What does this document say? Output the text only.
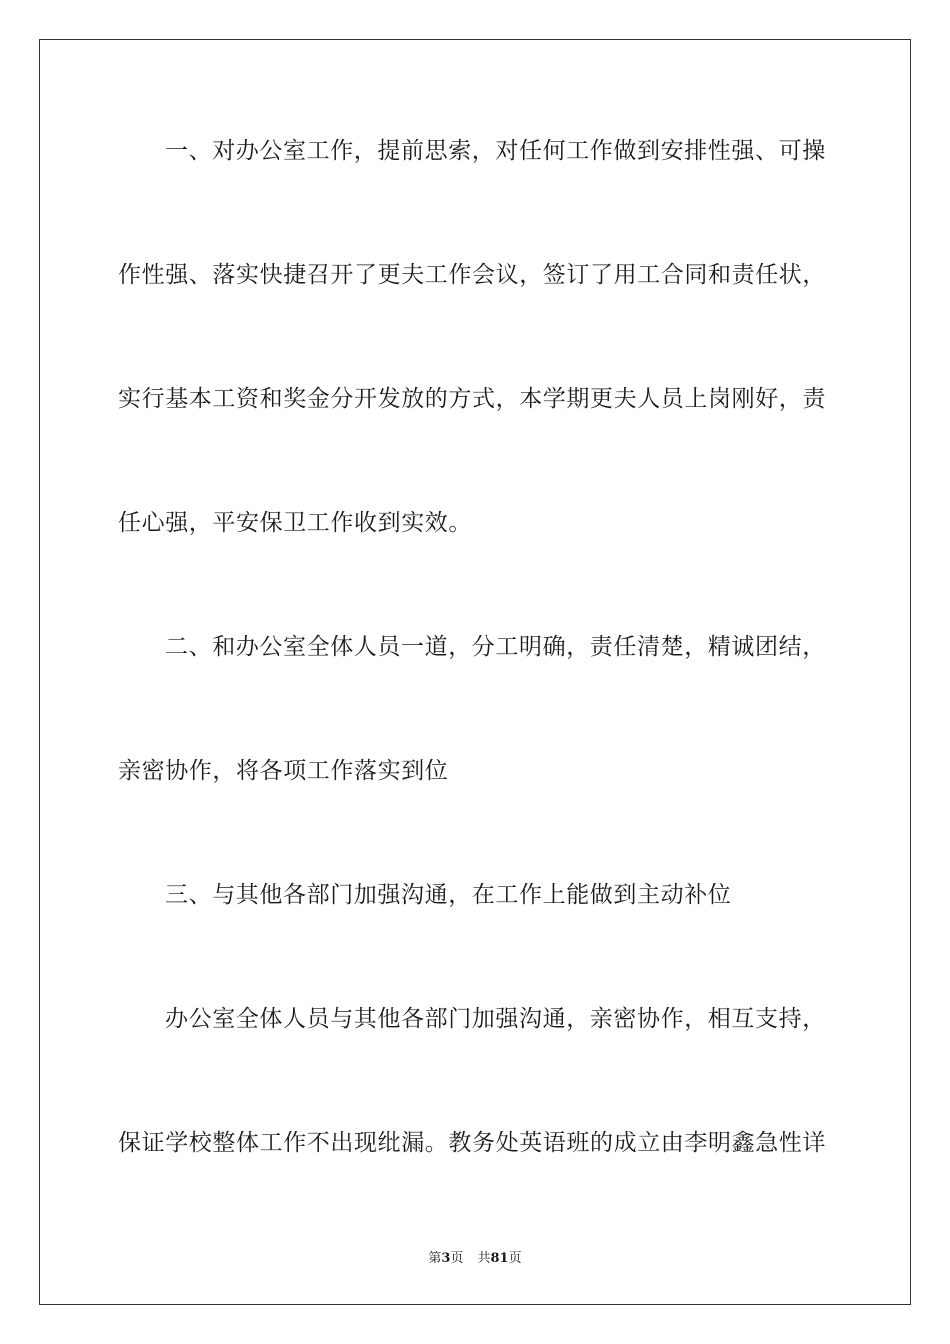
一、对办公室工作，提前思索，对任何工作做到安排性强、可操
作性强、落实快捷召开了更夫工作会议，签订了用工合同和责任状，
实行基本工资和奖金分开发放的方式，本学期更夫人员上岗刚好，责
任心强，平安保卫工作收到实效。
二、和办公室全体人员一道，分工明确，责任清楚，精诚团结，
亲密协作，将各项工作落实到位
三、与其他各部门加强沟通，在工作上能做到主动补位
办公室全体人员与其他各部门加强沟通，亲密协作，相互支持，
保证学校整体工作不出现纰漏。教务处英语班的成立由李明鑫急性详
第3页 共81页
